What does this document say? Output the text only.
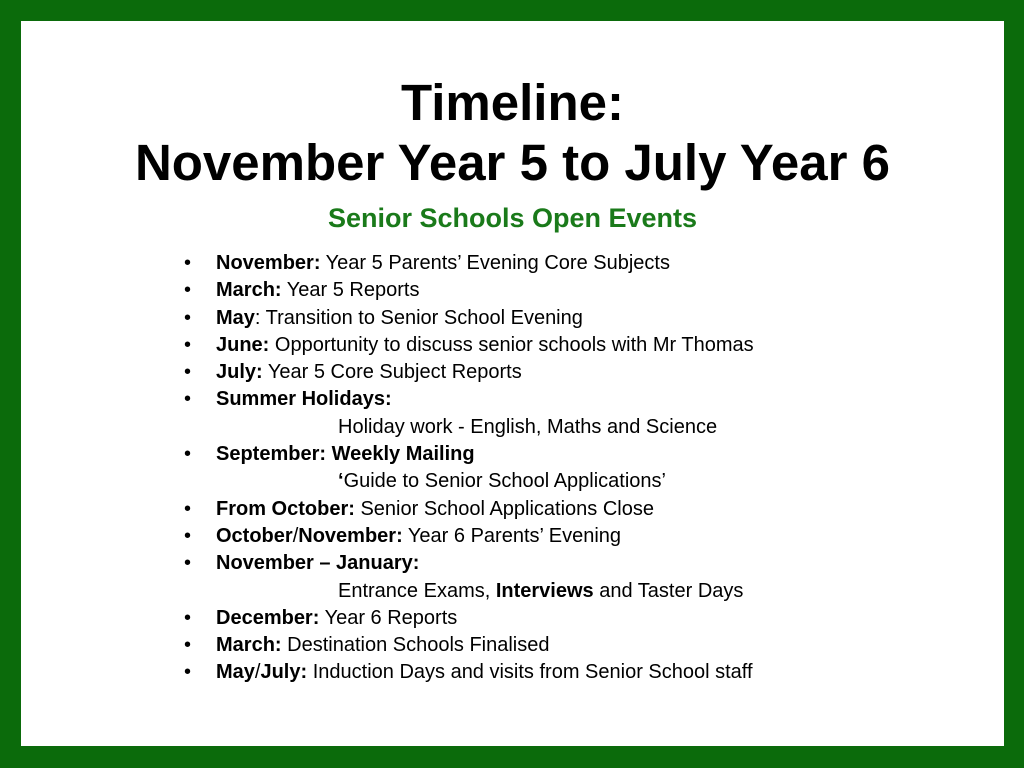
Timeline:
November Year 5 to July Year 6
Senior Schools Open Events
• November: Year 5 Parents’ Evening Core Subjects
• March: Year 5 Reports
• May: Transition to Senior School Evening
• June: Opportunity to discuss senior schools with Mr Thomas
• July: Year 5 Core Subject Reports
• Summer Holidays:
Holiday work - English, Maths and Science
• September: Weekly Mailing
‘Guide to Senior School Applications’
• From October: Senior School Applications Close
• October/November: Year 6 Parents’ Evening
• November – January:
Entrance Exams, Interviews and Taster Days
• December: Year 6 Reports
• March: Destination Schools Finalised
• May/July: Induction Days and visits from Senior School staff
